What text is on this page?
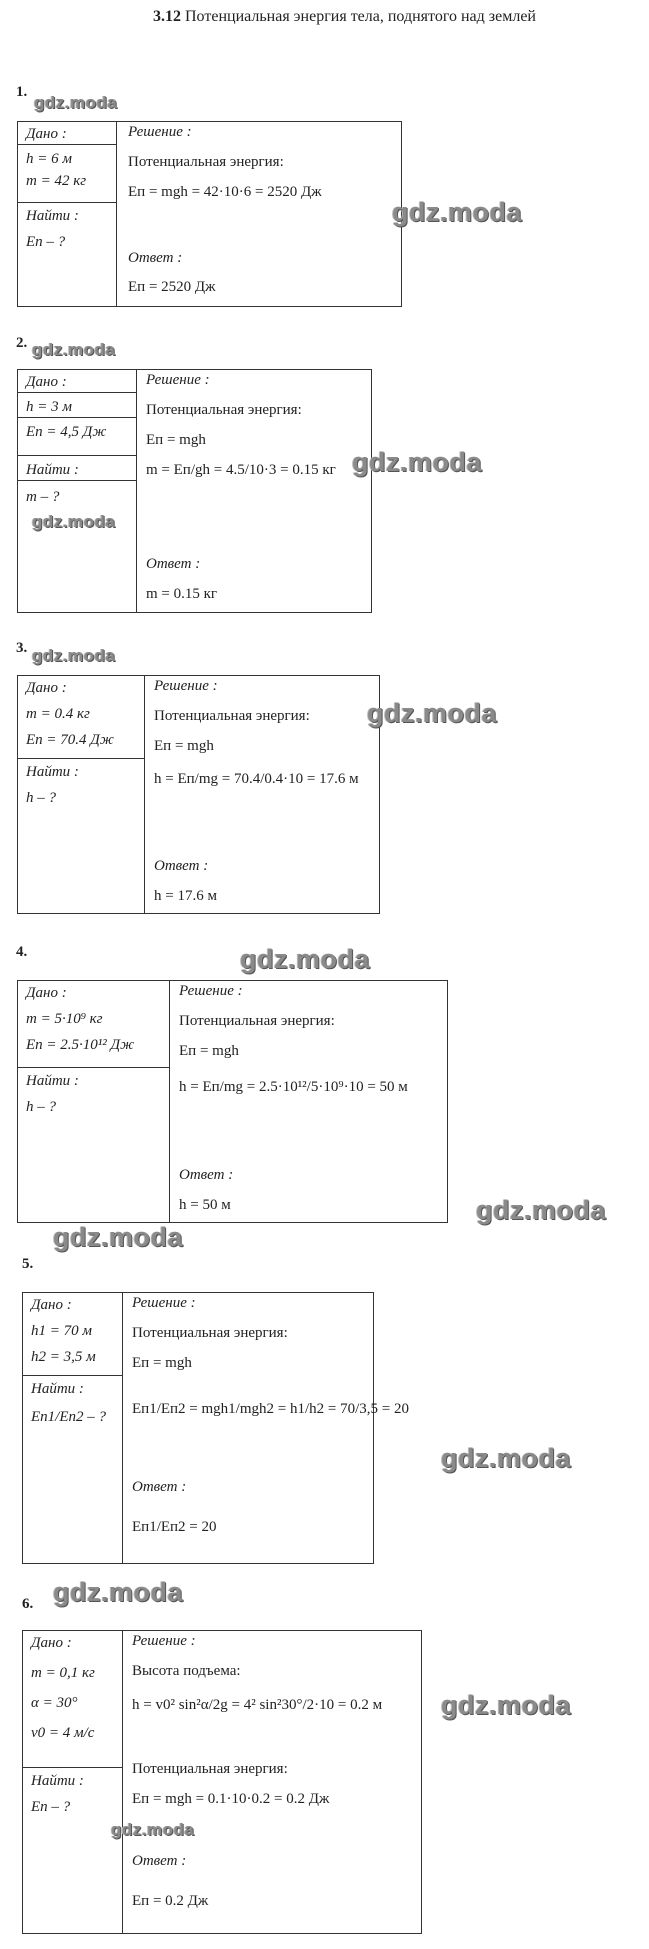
3.12 Потенциальная энергия тела, поднятого над землей
1.
Дано :
h = 6 м
m = 42 кг
Найти :
Eп – ?
Решение :
Потенциальная энергия:
Eп = mgh = 42·10·6 = 2520 Дж
Ответ :
Eп = 2520 Дж
2.
Дано :
h = 3 м
Eп = 4,5 Дж
Найти :
m – ?
Решение :
Потенциальная энергия:
Eп = mgh
m = Eп/gh = 4.5/10·3 = 0.15 кг
Ответ :
m = 0.15 кг
3.
Дано :
m = 0.4 кг
Eп = 70.4 Дж
Найти :
h – ?
Решение :
Потенциальная энергия:
Eп = mgh
h = Eп/mg = 70.4/0.4·10 = 17.6 м
Ответ :
h = 17.6 м
4.
Дано :
m = 5·10⁹ кг
Eп = 2.5·10¹² Дж
Найти :
h – ?
Решение :
Потенциальная энергия:
Eп = mgh
h = Eп/mg = 2.5·10¹²/5·10⁹·10 = 50 м
Ответ :
h = 50 м
5.
Дано :
h1 = 70 м
h2 = 3,5 м
Найти :
Eп1/Eп2 – ?
Решение :
Потенциальная энергия:
Eп = mgh
Eп1/Eп2 = mgh1/mgh2 = h1/h2 = 70/3,5 = 20
Ответ :
Eп1/Eп2 = 20
6.
Дано :
m = 0,1 кг
α = 30°
v0 = 4 м/с
Найти :
Eп – ?
Решение :
Высота подъема:
h = v0² sin²α/2g = 4² sin²30°/2·10 = 0.2 м
Потенциальная энергия:
Eп = mgh = 0.1·10·0.2 = 0.2 Дж
Ответ :
Eп = 0.2 Дж
gdz.moda
gdz.moda
gdz.moda
gdz.moda
gdz.moda
gdz.moda
gdz.moda
gdz.moda
gdz.moda
gdz.moda
gdz.moda
gdz.moda
gdz.moda
gdz.moda
